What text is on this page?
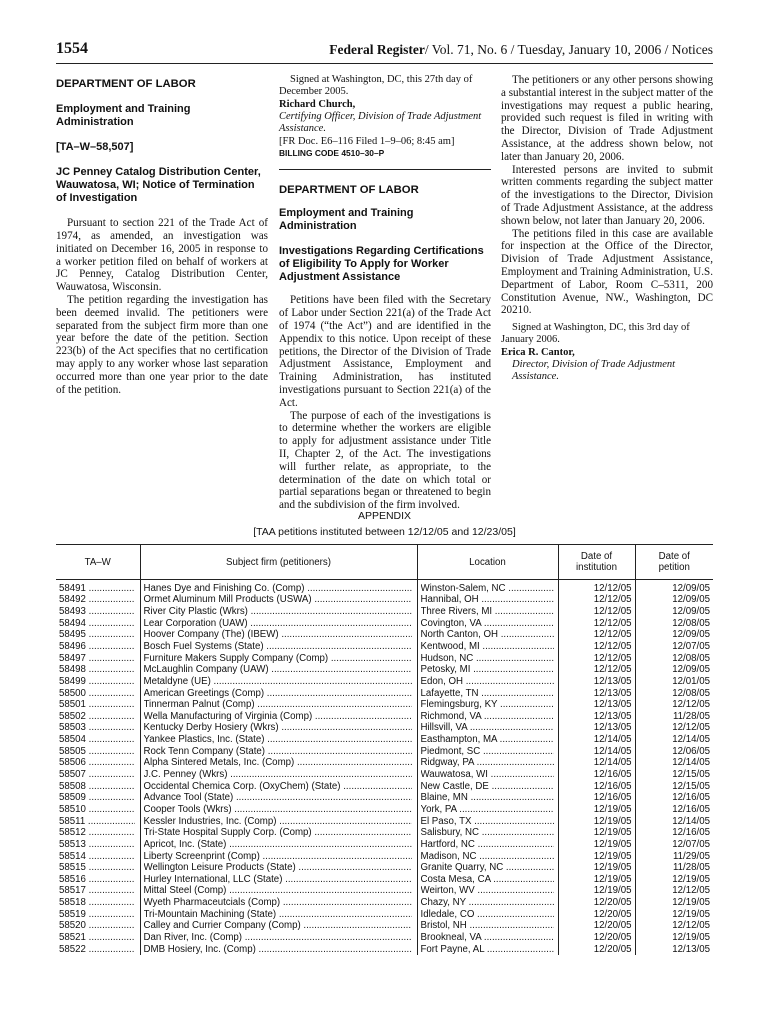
1554	Federal Register/ Vol. 71, No. 6 / Tuesday, January 10, 2006 / Notices
DEPARTMENT OF LABOR
Employment and Training Administration
[TA–W–58,507]
JC Penney Catalog Distribution Center, Wauwatosa, WI; Notice of Termination of Investigation

Pursuant to section 221 of the Trade Act of 1974, as amended, an investigation was initiated on December 16, 2005 in response to a worker petition filed on behalf of workers at JC Penney, Catalog Distribution Center, Wauwatosa, Wisconsin.

The petition regarding the investigation has been deemed invalid. The petitioners were separated from the subject firm more than one year before the date of the petition. Section 223(b) of the Act specifies that no certification may apply to any worker whose last separation occurred more than one year prior to the date of the petition.

Signed at Washington, DC, this 27th day of December 2005.
Richard Church,
Certifying Officer, Division of Trade Adjustment Assistance.
[FR Doc. E6–116 Filed 1–9–06; 8:45 am]
BILLING CODE 4510–30–P
DEPARTMENT OF LABOR
Employment and Training Administration
Investigations Regarding Certifications of Eligibility To Apply for Worker Adjustment Assistance

Petitions have been filed with the Secretary of Labor under Section 221(a) of the Trade Act of 1974 (“the Act”) and are identified in the Appendix to this notice. Upon receipt of these petitions, the Director of the Division of Trade Adjustment Assistance, Employment and Training Administration, has instituted investigations pursuant to Section 221(a) of the Act.

The purpose of each of the investigations is to determine whether the workers are eligible to apply for adjustment assistance under Title II, Chapter 2, of the Act. The investigations will further relate, as appropriate, to the determination of the date on which total or partial separations began or threatened to begin and the subdivision of the firm involved.

The petitioners or any other persons showing a substantial interest in the subject matter of the investigations may request a public hearing, provided such request is filed in writing with the Director, Division of Trade Adjustment Assistance, at the address shown below, not later than January 20, 2006.

Interested persons are invited to submit written comments regarding the subject matter of the investigations to the Director, Division of Trade Adjustment Assistance, at the address shown below, not later than January 20, 2006.

The petitions filed in this case are available for inspection at the Office of the Director, Division of Trade Adjustment Assistance, Employment and Training Administration, U.S. Department of Labor, Room C–5311, 200 Constitution Avenue, NW., Washington, DC 20210.

Signed at Washington, DC, this 3rd day of January 2006.
Erica R. Cantor,
Director, Division of Trade Adjustment Assistance.
APPENDIX
[TAA petitions instituted between 12/12/05 and 12/23/05]
TA–W	Subject firm (petitioners)	Location	Date of institution	Date of petition
58491 .....	Hanes Dye and Finishing Co. (Comp) .....	Winston-Salem, NC .....	12/12/05	12/09/05
58492 .....	Ormet Aluminum Mill Products (USWA) .....	Hannibal, OH .....	12/12/05	12/09/05
58493 .....	River City Plastic (Wkrs) .....	Three Rivers, MI .....	12/12/05	12/09/05
58494 .....	Lear Corporation (UAW) .....	Covington, VA .....	12/12/05	12/08/05
58495 .....	Hoover Company (The) (IBEW) .....	North Canton, OH .....	12/12/05	12/09/05
58496 .....	Bosch Fuel Systems (State) .....	Kentwood, MI .....	12/12/05	12/07/05
58497 .....	Furniture Makers Supply Company (Comp) .....	Hudson, NC .....	12/12/05	12/08/05
58498 .....	McLaughlin Company (UAW) .....	Petosky, MI .....	12/12/05	12/09/05
58499 .....	Metaldyne (UE) .....	Edon, OH .....	12/13/05	12/01/05
58500 .....	American Greetings (Comp) .....	Lafayette, TN .....	12/13/05	12/08/05
58501 .....	Tinnerman Palnut (Comp) .....	Flemingsburg, KY .....	12/13/05	12/12/05
58502 .....	Wella Manufacturing of Virginia (Comp) .....	Richmond, VA .....	12/13/05	11/28/05
58503 .....	Kentucky Derby Hosiery (Wkrs) .....	Hillsvill, VA .....	12/13/05	12/12/05
58504 .....	Yankee Plastics, Inc. (State) .....	Easthampton, MA .....	12/14/05	12/14/05
58505 .....	Rock Tenn Company (State) .....	Piedmont, SC .....	12/14/05	12/06/05
58506 .....	Alpha Sintered Metals, Inc. (Comp) .....	Ridgway, PA .....	12/14/05	12/14/05
58507 .....	J.C. Penney (Wkrs) .....	Wauwatosa, WI .....	12/16/05	12/15/05
58508 .....	Occidental Chemica Corp. (OxyChem) (State) .....	New Castle, DE .....	12/16/05	12/15/05
58509 .....	Advance Tool (State) .....	Blaine, MN .....	12/16/05	12/16/05
58510 .....	Cooper Tools (Wkrs) .....	York, PA .....	12/19/05	12/16/05
58511 .....	Kessler Industries, Inc. (Comp) .....	El Paso, TX .....	12/19/05	12/14/05
58512 .....	Tri-State Hospital Supply Corp. (Comp) .....	Salisbury, NC .....	12/19/05	12/16/05
58513 .....	Apricot, Inc. (State) .....	Hartford, NC .....	12/19/05	12/07/05
58514 .....	Liberty Screenprint (Comp) .....	Madison, NC .....	12/19/05	11/29/05
58515 .....	Wellington Leisure Products (State) .....	Granite Quarry, NC .....	12/19/05	11/28/05
58516 .....	Hurley International, LLC (State) .....	Costa Mesa, CA .....	12/19/05	12/19/05
58517 .....	Mittal Steel (Comp) .....	Weirton, WV .....	12/19/05	12/12/05
58518 .....	Wyeth Pharmaceutcials (Comp) .....	Chazy, NY .....	12/20/05	12/19/05
58519 .....	Tri-Mountain Machining (State) .....	Idledale, CO .....	12/20/05	12/19/05
58520 .....	Calley and Currier Company (Comp) .....	Bristol, NH .....	12/20/05	12/12/05
58521 .....	Dan River, Inc. (Comp) .....	Brookneal, VA .....	12/20/05	12/19/05
58522 .....	DMB Hosiery, Inc. (Comp) .....	Fort Payne, AL .....	12/20/05	12/13/05
